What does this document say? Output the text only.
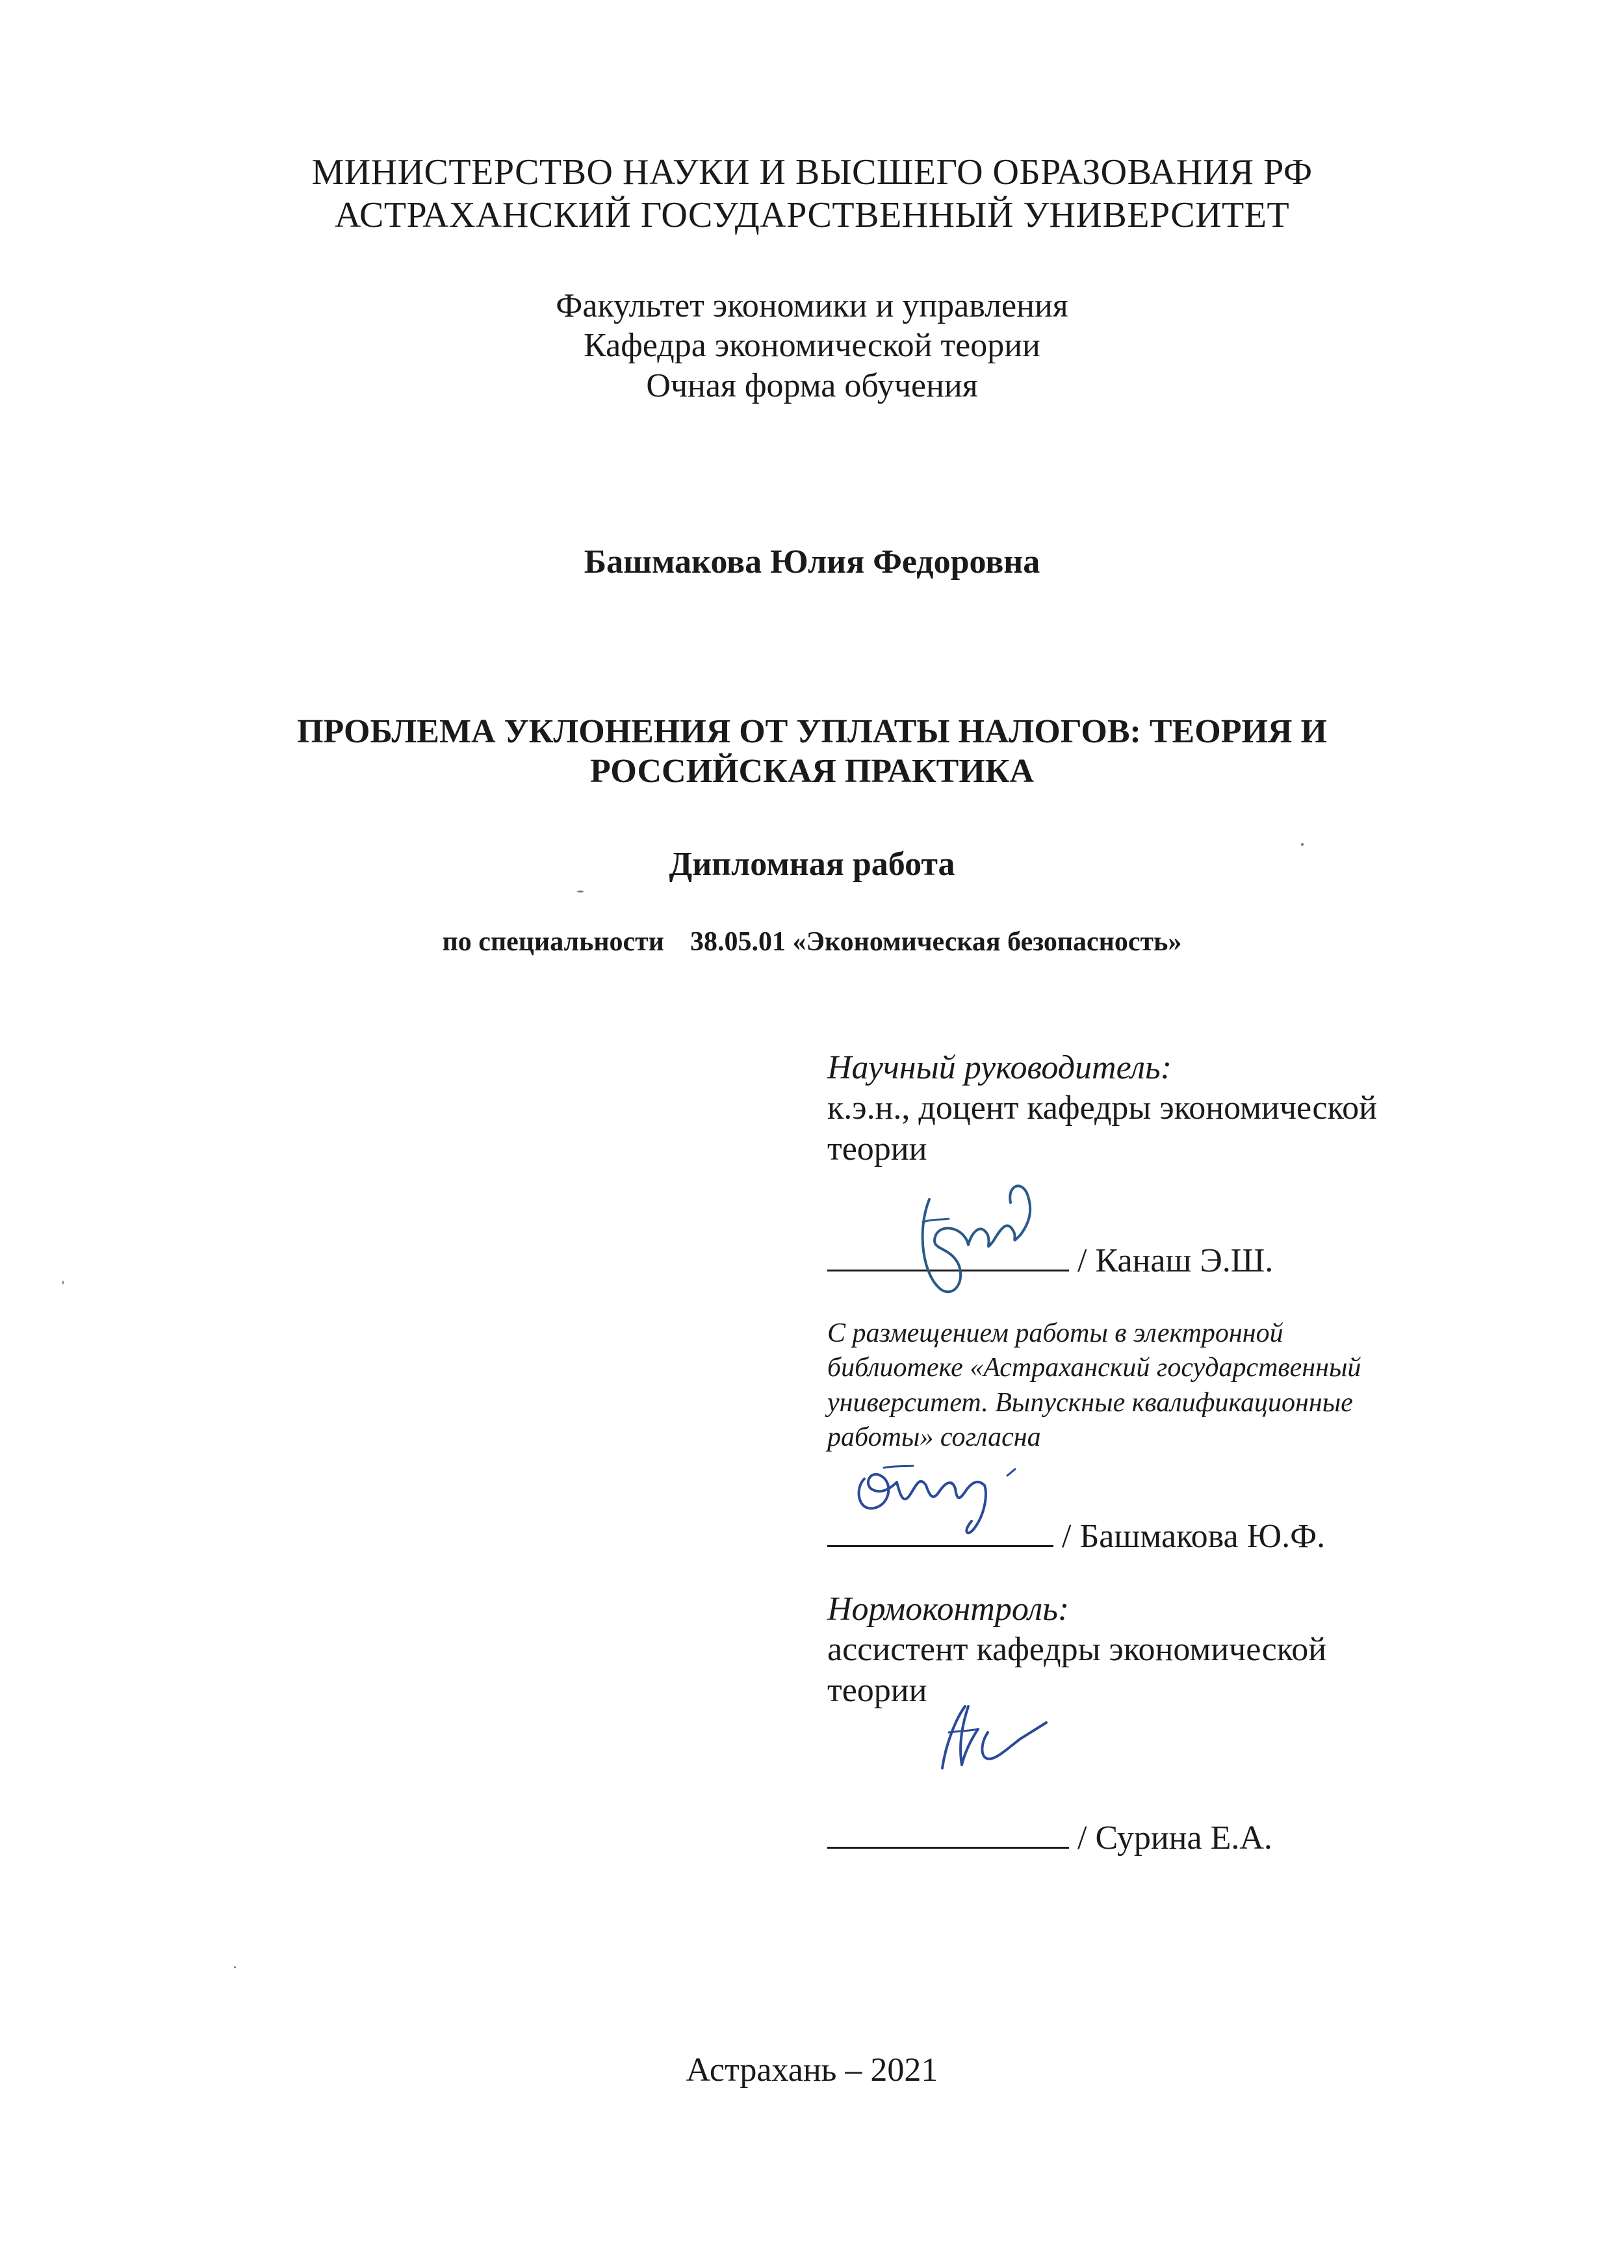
МИНИСТЕРСТВО НАУКИ И ВЫСШЕГО ОБРАЗОВАНИЯ РФ
АСТРАХАНСКИЙ ГОСУДАРСТВЕННЫЙ УНИВЕРСИТЕТ
Факультет экономики и управления
Кафедра экономической теории
Очная форма обучения
Башмакова Юлия Федоровна
ПРОБЛЕМА УКЛОНЕНИЯ ОТ УПЛАТЫ НАЛОГОВ: ТЕОРИЯ И
РОССИЙСКАЯ ПРАКТИКА
Дипломная работа
по специальности 38.05.01 «Экономическая безопасность»
Научный руководитель:
к.э.н., доцент кафедры экономической
теории
/ Канаш Э.Ш.
С размещением работы в электронной
библиотеке «Астраханский государственный
университет. Выпускные квалификационные
работы» согласна
/ Башмакова Ю.Ф.
Нормоконтроль:
ассистент кафедры экономической
теории
/ Сурина Е.А.
Астрахань – 2021
